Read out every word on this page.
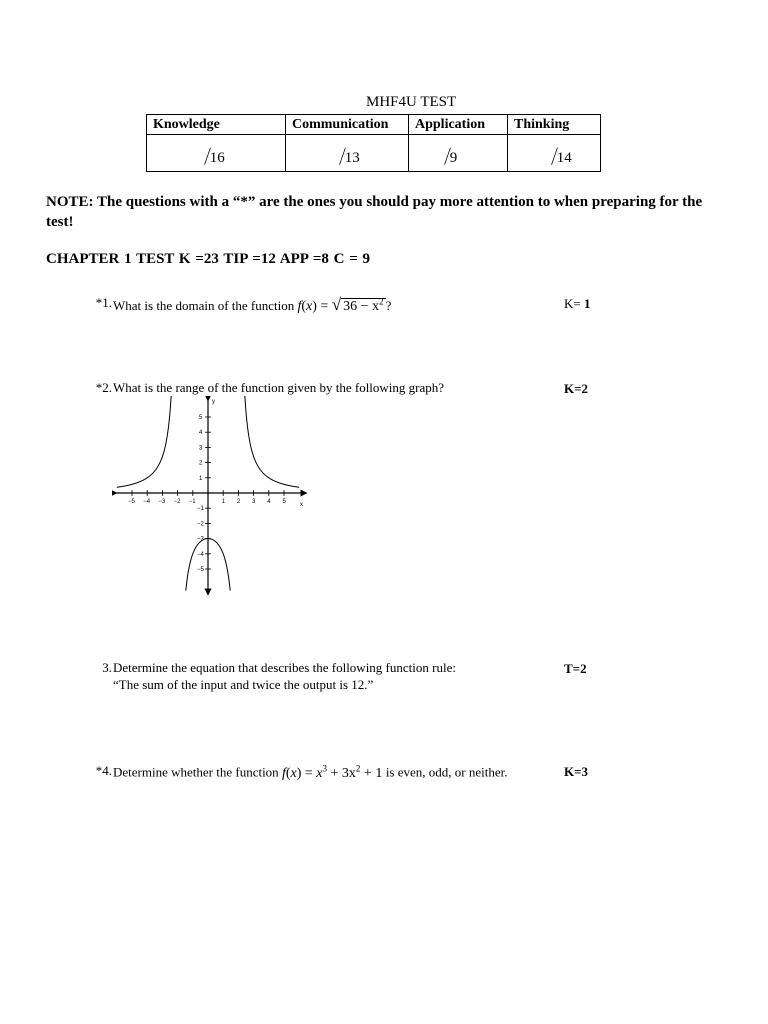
MHF4U TEST
Knowledge	Communication	Application	Thinking

/16	/13	/9	/14
NOTE: The questions with a “*” are the ones you should pay more attention to when preparing for the test!
CHAPTER 1 TEST K =23 TIP =12 APP =8 C = 9
*1. What is the domain of the function f(x) = √ $36 - x^2$ ?	K= 1
*2. What is the range of the function given by the following graph?	K=2
x
y
−5 −4 −3 −2 −1	1 2 3 4 5
1
2
3
4
5
−1
−2
−3
−4
−5
3. Determine the equation that describes the following function rule:
“The sum of the input and twice the output is 12.”
T=2
*4. Determine whether the function $f(x) = x^3 + 3x^2 + 1$ is even, odd, or neither.	K=3
